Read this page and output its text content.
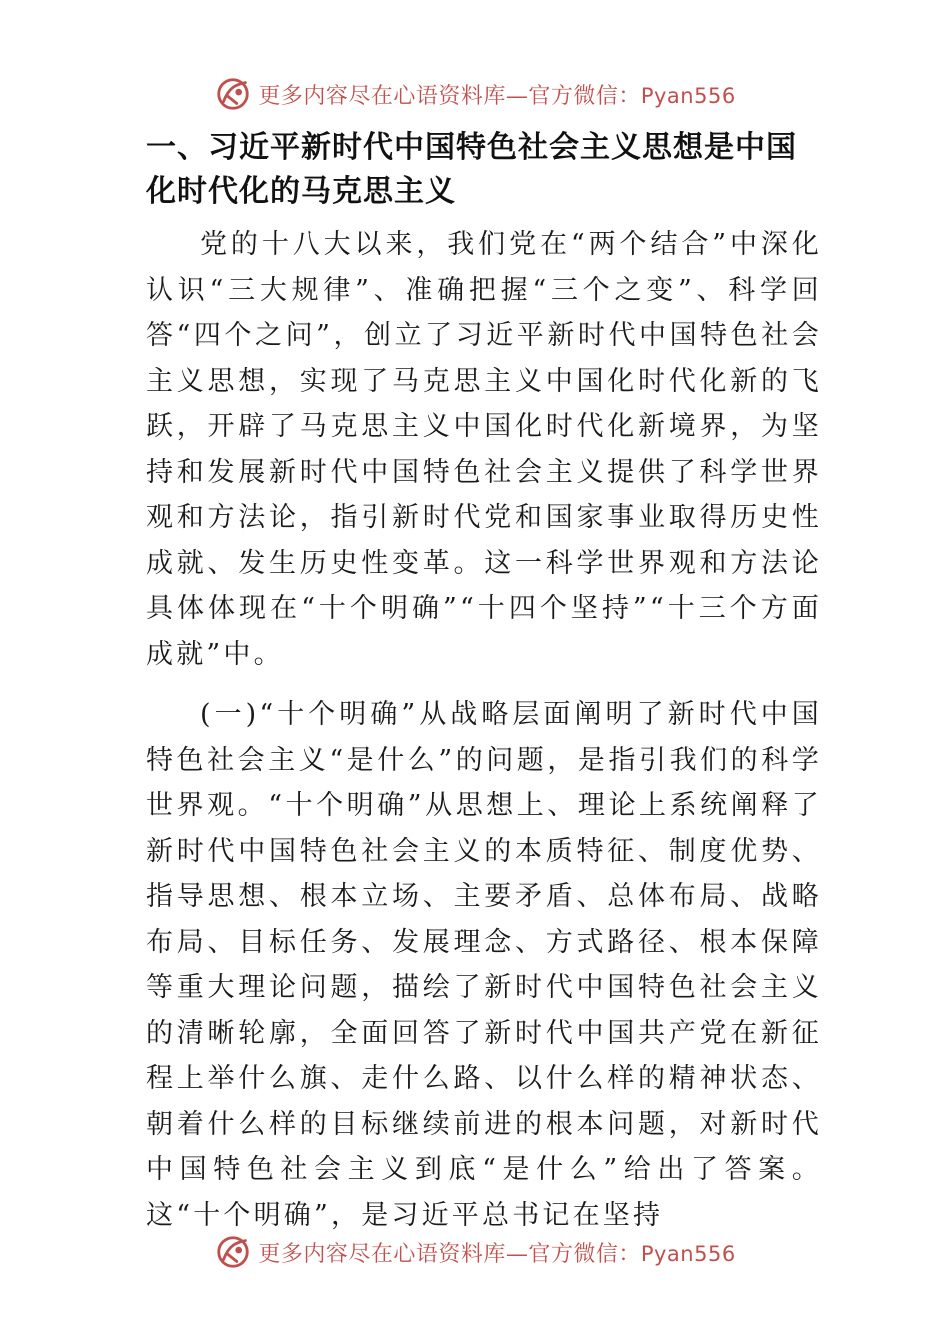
更多内容尽在心语资料库—官方微信：Pyan556
一、习近平新时代中国特色社会主义思想是中国化时代化的马克思主义

党的十八大以来，我们党在“两个结合”中深化认识“三大规律”、准确把握“三个之变”、科学回答“四个之问”，创立了习近平新时代中国特色社会主义思想，实现了马克思主义中国化时代化新的飞跃，开辟了马克思主义中国化时代化新境界，为坚持和发展新时代中国特色社会主义提供了科学世界观和方法论，指引新时代党和国家事业取得历史性成就、发生历史性变革。这一科学世界观和方法论具体体现在“十个明确”“十四个坚持”“十三个方面成就”中。

(一)“十个明确”从战略层面阐明了新时代中国特色社会主义“是什么”的问题，是指引我们的科学世界观。“十个明确”从思想上、理论上系统阐释了新时代中国特色社会主义的本质特征、制度优势、指导思想、根本立场、主要矛盾、总体布局、战略布局、目标任务、发展理念、方式路径、根本保障等重大理论问题，描绘了新时代中国特色社会主义的清晰轮廓，全面回答了新时代中国共产党在新征程上举什么旗、走什么路、以什么样的精神状态、朝着什么样的目标继续前进的根本问题，对新时代中国特色社会主义到底“是什么”给出了答案。这“十个明确”，是习近平总书记在坚持

更多内容尽在心语资料库—官方微信：Pyan556
